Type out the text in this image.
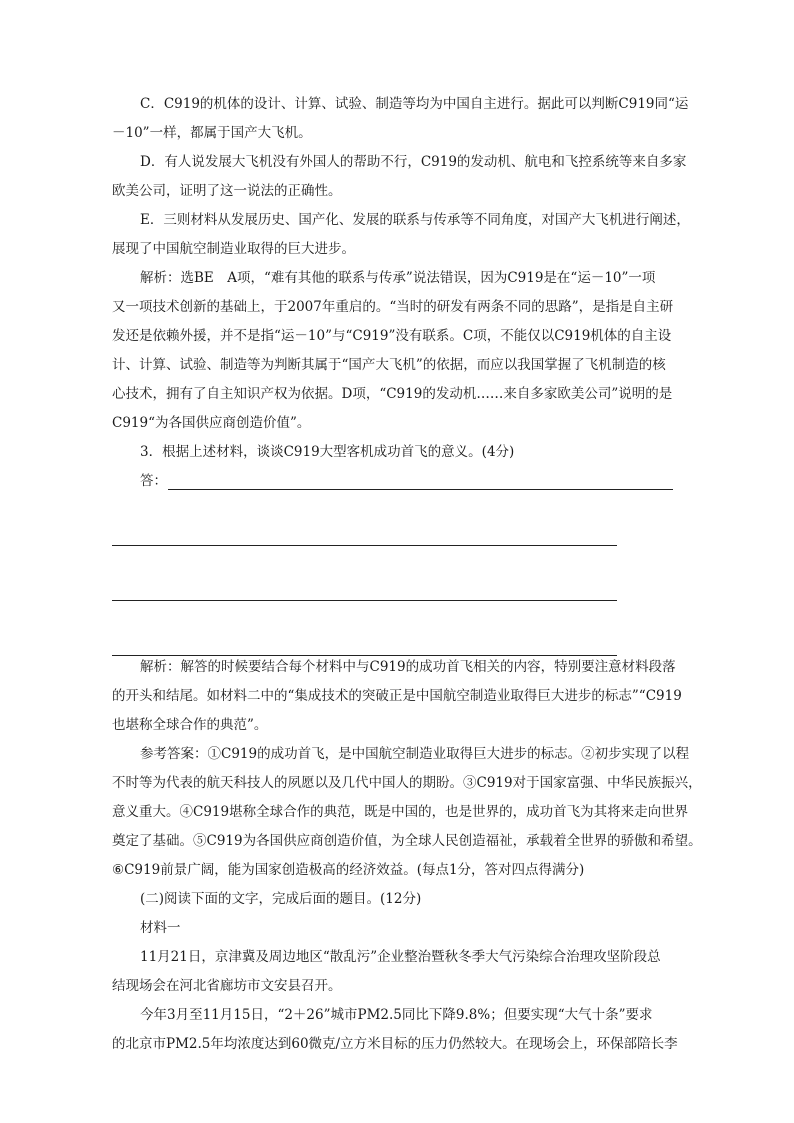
C．C919的机体的设计、计算、试验、制造等均为中国自主进行。据此可以判断C919同“运
－10”一样，都属于国产大飞机。
D．有人说发展大飞机没有外国人的帮助不行，C919的发动机、航电和飞控系统等来自多家
欧美公司，证明了这一说法的正确性。
E．三则材料从发展历史、国产化、发展的联系与传承等不同角度，对国产大飞机进行阐述，
展现了中国航空制造业取得的巨大进步。
解析：选BE　A项，“难有其他的联系与传承”说法错误，因为C919是在“运－10”一项
又一项技术创新的基础上，于2007年重启的。“当时的研发有两条不同的思路”，是指是自主研
发还是依赖外援，并不是指“运－10”与“C919”没有联系。C项，不能仅以C919机体的自主设
计、计算、试验、制造等为判断其属于“国产大飞机”的依据，而应以我国掌握了飞机制造的核
心技术，拥有了自主知识产权为依据。D项，“C919的发动机……来自多家欧美公司”说明的是
C919“为各国供应商创造价值”。
3．根据上述材料，谈谈C919大型客机成功首飞的意义。(4分)
答：
解析：解答的时候要结合每个材料中与C919的成功首飞相关的内容，特别要注意材料段落
的开头和结尾。如材料二中的“集成技术的突破正是中国航空制造业取得巨大进步的标志”“C919
也堪称全球合作的典范”。
参考答案：①C919的成功首飞，是中国航空制造业取得巨大进步的标志。②初步实现了以程
不时等为代表的航天科技人的夙愿以及几代中国人的期盼。③C919对于国家富强、中华民族振兴，
意义重大。④C919堪称全球合作的典范，既是中国的，也是世界的，成功首飞为其将来走向世界
奠定了基础。⑤C919为各国供应商创造价值，为全球人民创造福祉，承载着全世界的骄傲和希望。
⑥C919前景广阔，能为国家创造极高的经济效益。(每点1分，答对四点得满分)
(二)阅读下面的文字，完成后面的题目。(12分)
材料一
11月21日，京津冀及周边地区“散乱污”企业整治暨秋冬季大气污染综合治理攻坚阶段总
结现场会在河北省廊坊市文安县召开。
今年3月至11月15日，“2＋26”城市PM2.5同比下降9.8%；但要实现“大气十条”要求
的北京市PM2.5年均浓度达到60微克/立方米目标的压力仍然较大。在现场会上，环保部陪长李
